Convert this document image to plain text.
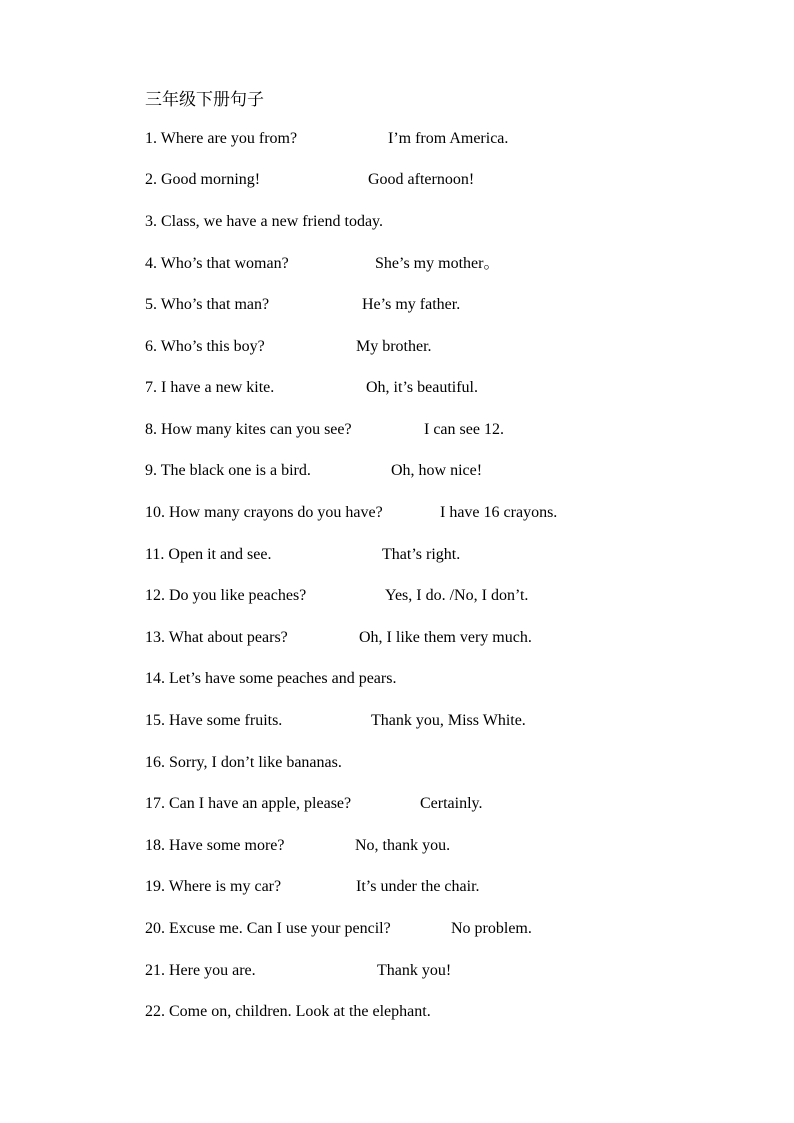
三年级下册句子
1. Where are you from?	I’m from America.
2. Good morning!	Good afternoon!
3. Class, we have a new friend today.
4. Who’s that woman?	She’s my mother。
5. Who’s that man?	He’s my father.
6. Who’s this boy?	My brother.
7. I have a new kite.	Oh, it’s beautiful.
8. How many kites can you see?	I can see 12.
9. The black one is a bird.	Oh, how nice!
10. How many crayons do you have?	I have 16 crayons.
11. Open it and see.	That’s right.
12. Do you like peaches?	Yes, I do. /No, I don’t.
13. What about pears?	Oh, I like them very much.
14. Let’s have some peaches and pears.
15. Have some fruits.	Thank you, Miss White.
16. Sorry, I don’t like bananas.
17. Can I have an apple, please?	Certainly.
18. Have some more?	No, thank you.
19. Where is my car?	It’s under the chair.
20. Excuse me. Can I use your pencil?	No problem.
21. Here you are.	Thank you!
22. Come on, children. Look at the elephant.
